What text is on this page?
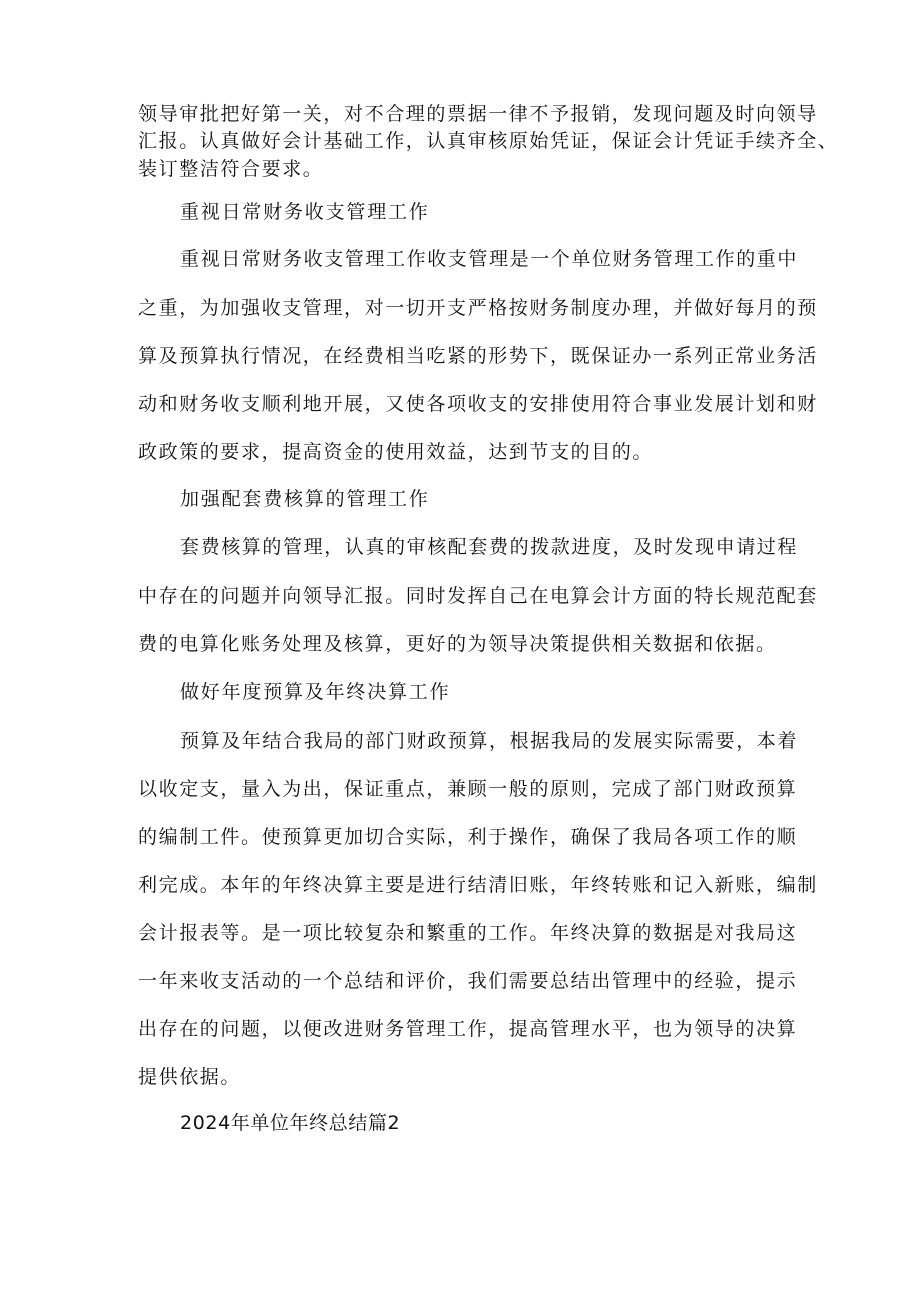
领导审批把好第一关，对不合理的票据一律不予报销，发现问题及时向领导
汇报。认真做好会计基础工作，认真审核原始凭证，保证会计凭证手续齐全、
装订整洁符合要求。
重视日常财务收支管理工作
重视日常财务收支管理工作收支管理是一个单位财务管理工作的重中
之重，为加强收支管理，对一切开支严格按财务制度办理，并做好每月的预
算及预算执行情况，在经费相当吃紧的形势下，既保证办一系列正常业务活
动和财务收支顺利地开展，又使各项收支的安排使用符合事业发展计划和财
政政策的要求，提高资金的使用效益，达到节支的目的。
加强配套费核算的管理工作
套费核算的管理，认真的审核配套费的拨款进度，及时发现申请过程
中存在的问题并向领导汇报。同时发挥自己在电算会计方面的特长规范配套
费的电算化账务处理及核算，更好的为领导决策提供相关数据和依据。
做好年度预算及年终决算工作
预算及年结合我局的部门财政预算，根据我局的发展实际需要，本着
以收定支，量入为出，保证重点，兼顾一般的原则，完成了部门财政预算
的编制工件。使预算更加切合实际，利于操作，确保了我局各项工作的顺
利完成。本年的年终决算主要是进行结清旧账，年终转账和记入新账，编制
会计报表等。是一项比较复杂和繁重的工作。年终决算的数据是对我局这
一年来收支活动的一个总结和评价，我们需要总结出管理中的经验，提示
出存在的问题，以便改进财务管理工作，提高管理水平，也为领导的决算
提供依据。
2024年单位年终总结篇2
